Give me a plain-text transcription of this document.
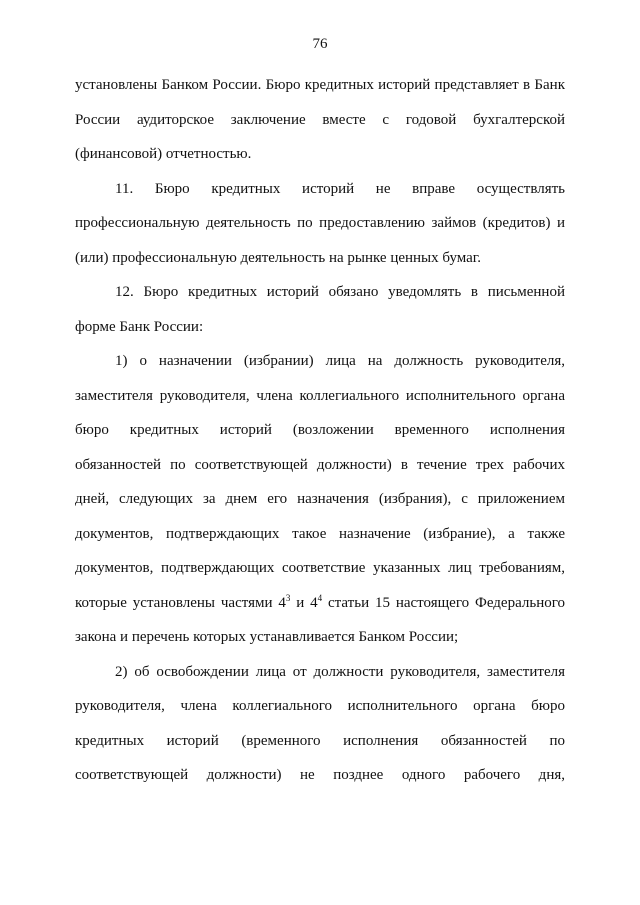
76

установлены Банком России. Бюро кредитных историй представляет в Банк России аудиторское заключение вместе с годовой бухгалтерской (финансовой) отчетностью.

11. Бюро кредитных историй не вправе осуществлять профессиональную деятельность по предоставлению займов (кредитов) и (или) профессиональную деятельность на рынке ценных бумаг.

12. Бюро кредитных историй обязано уведомлять в письменной форме Банк России:

1) о назначении (избрании) лица на должность руководителя, заместителя руководителя, члена коллегиального исполнительного органа бюро кредитных историй (возложении временного исполнения обязанностей по соответствующей должности) в течение трех рабочих дней, следующих за днем его назначения (избрания), с приложением документов, подтверждающих такое назначение (избрание), а также документов, подтверждающих соответствие указанных лиц требованиям, которые установлены частями $4^3$ и $4^4$ статьи 15 настоящего Федерального закона и перечень которых устанавливается Банком России;

2) об освобождении лица от должности руководителя, заместителя руководителя, члена коллегиального исполнительного органа бюро кредитных историй (временного исполнения обязанностей по соответствующей должности) не позднее одного рабочего дня,
